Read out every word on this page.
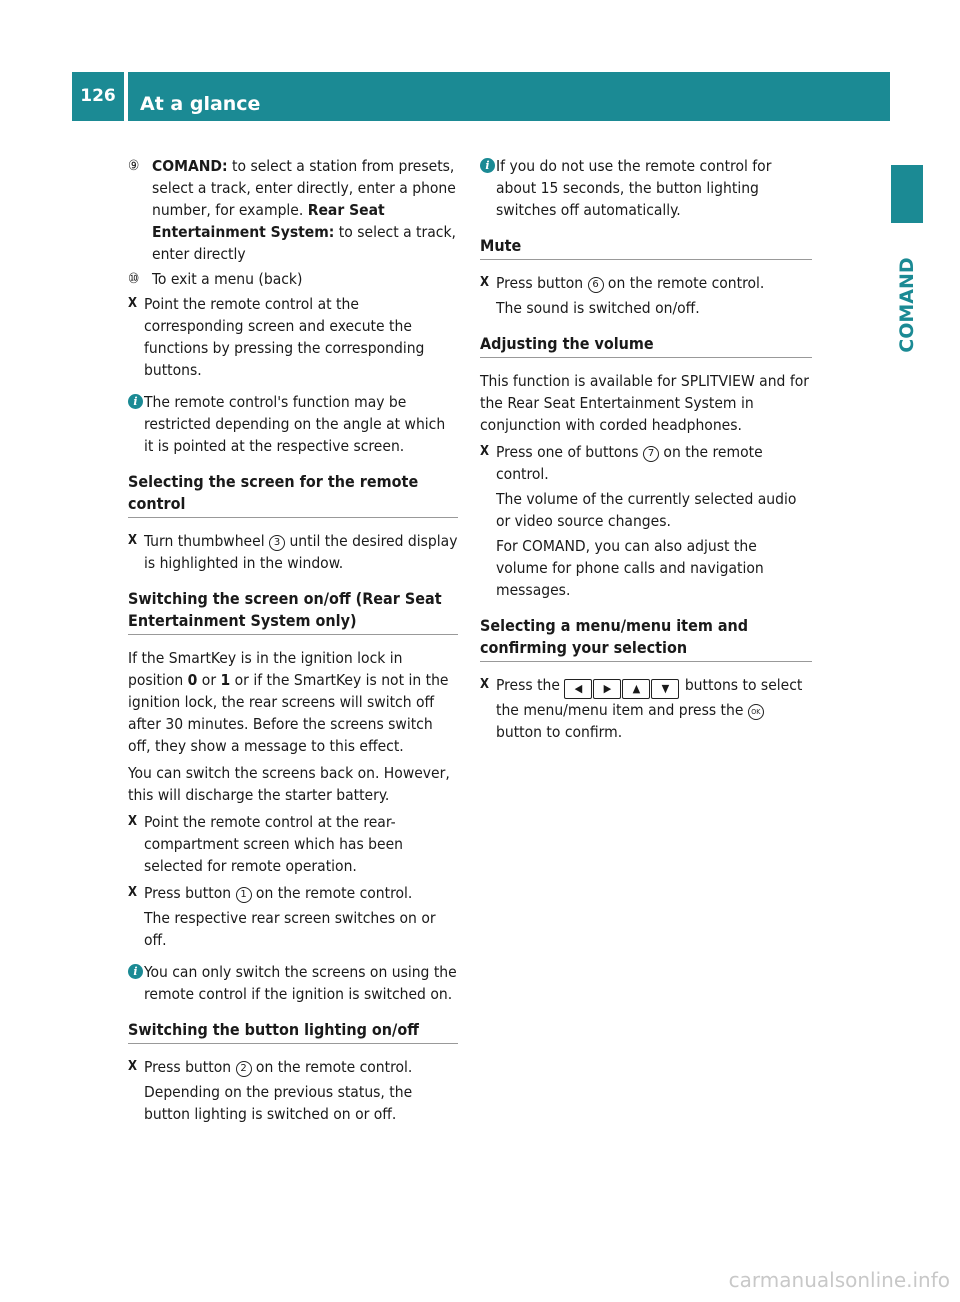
126	At a glance
COMAND
⑨ COMAND: to select a station from presets, select a track, enter directly, enter a phone number, for example. Rear Seat Entertainment System: to select a track, enter directly
⑩ To exit a menu (back)
X Point the remote control at the corresponding screen and execute the functions by pressing the corresponding buttons.
i The remote control's function may be restricted depending on the angle at which it is pointed at the respective screen.
Selecting the screen for the remote control
X Turn thumbwheel 3 until the desired display is highlighted in the window.
Switching the screen on/off (Rear Seat Entertainment System only)

If the SmartKey is in the ignition lock in position 0 or 1 or if the SmartKey is not in the ignition lock, the rear screens will switch off after 30 minutes. Before the screens switch off, they show a message to this effect.

You can switch the screens back on. However, this will discharge the starter battery.

X Point the remote control at the rear-compartment screen which has been selected for remote operation.
X Press button 1 on the remote control.
The respective rear screen switches on or off.
i You can only switch the screens on using the remote control if the ignition is switched on.
Switching the button lighting on/off
X Press button 2 on the remote control.
Depending on the previous status, the button lighting is switched on or off.
i If you do not use the remote control for about 15 seconds, the button lighting switches off automatically.
Mute
X Press button 6 on the remote control.
The sound is switched on/off.
Adjusting the volume

This function is available for SPLITVIEW and for the Rear Seat Entertainment System in conjunction with corded headphones.

X Press one of buttons 7 on the remote control.
The volume of the currently selected audio or video source changes.
For COMAND, you can also adjust the volume for phone calls and navigation messages.
Selecting a menu/menu item and confirming your selection
X Press the ◀ ▶ ▲ ▼ buttons to select the menu/menu item and press the OK button to confirm.
carmanualsonline.info
